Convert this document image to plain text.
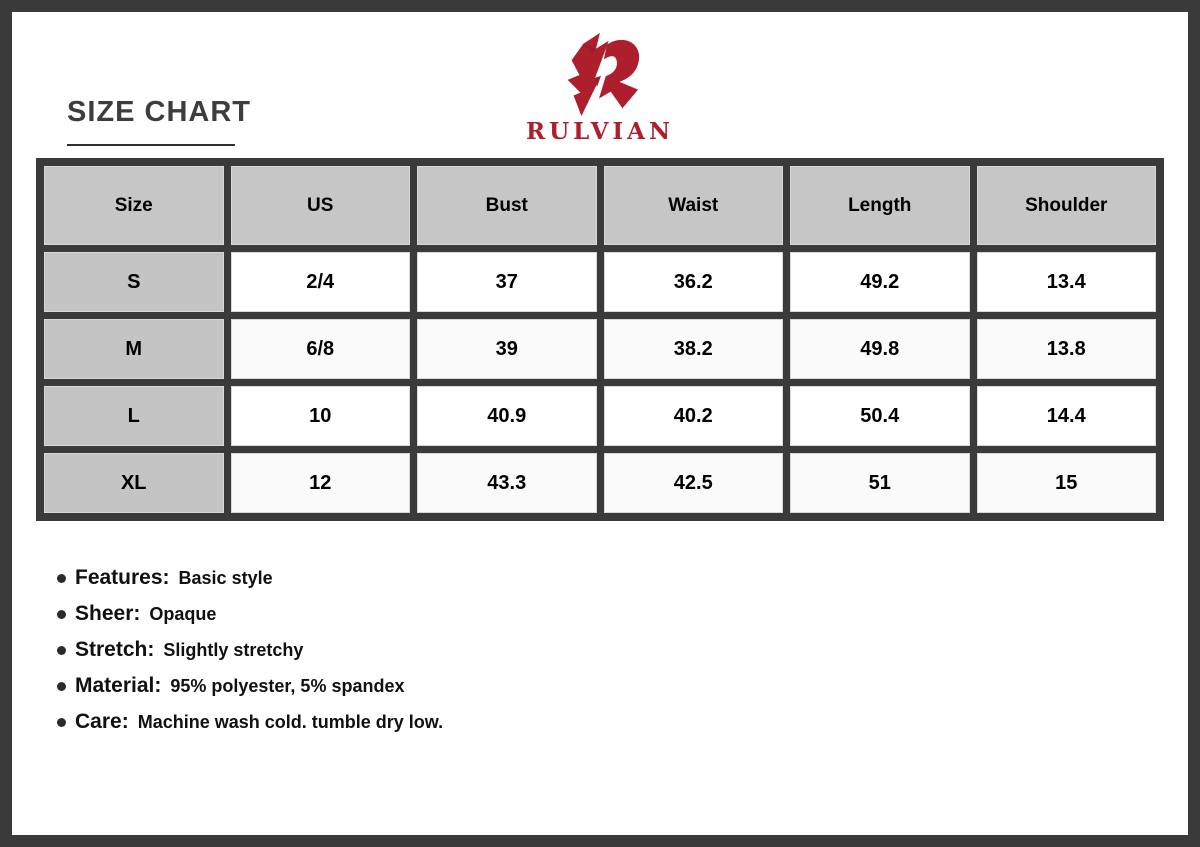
SIZE CHART
RULVIAN
Size	US	Bust	Waist	Length	Shoulder
S	2/4	37	36.2	49.2	13.4
M	6/8	39	38.2	49.8	13.8
L	10	40.9	40.2	50.4	14.4
XL	12	43.3	42.5	51	15
Features: Basic style
Sheer: Opaque
Stretch: Slightly stretchy
Material: 95% polyester, 5% spandex
Care: Machine wash cold. tumble dry low.
